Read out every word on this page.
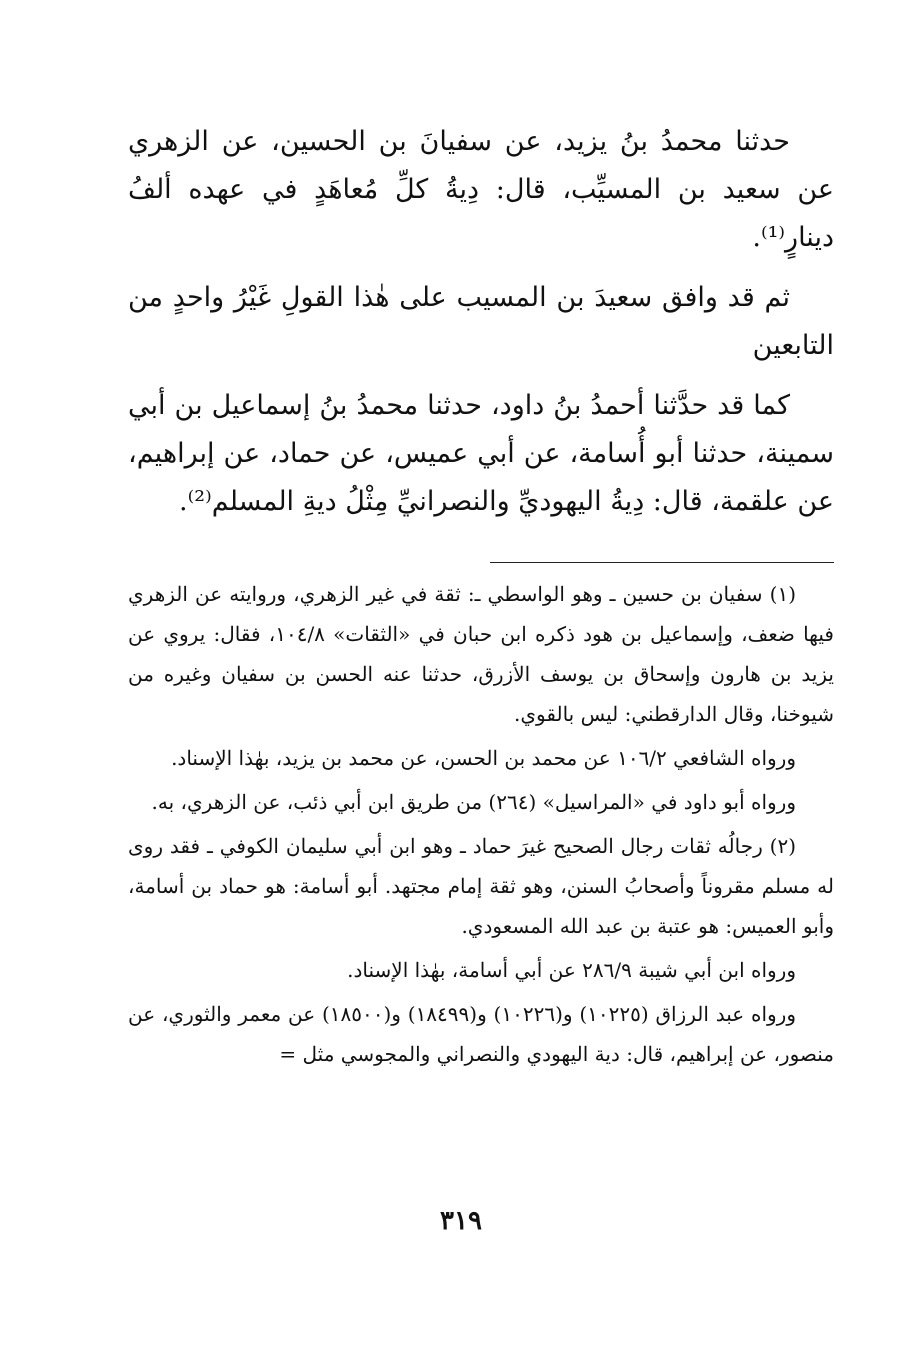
حدثنا محمدُ بنُ يزيد، عن سفيانَ بن الحسين، عن الزهري عن سعيد بن المسيِّب، قال: دِيةُ كلِّ مُعاهَدٍ في عهده ألفُ دينارٍ⁽¹⁾.

ثم قد وافق سعيدَ بن المسيب على هٰذا القولِ غَيْرُ واحدٍ من التابعين

كما قد حدَّثنا أحمدُ بنُ داود، حدثنا محمدُ بنُ إسماعيل بن أبي سمينة، حدثنا أبو أُسامة، عن أبي عميس، عن حماد، عن إبراهيم، عن علقمة، قال: دِيةُ اليهوديِّ والنصرانيِّ مِثْلُ ديةِ المسلم⁽²⁾.

(١) سفيان بن حسين ـ وهو الواسطي ـ: ثقة في غير الزهري، وروايته عن الزهري فيها ضعف، وإسماعيل بن هود ذكره ابن حبان في «الثقات» ١٠٤/٨، فقال: يروي عن يزيد بن هارون وإسحاق بن يوسف الأزرق، حدثنا عنه الحسن بن سفيان وغيره من شيوخنا، وقال الدارقطني: ليس بالقوي.

ورواه الشافعي ١٠٦/٢ عن محمد بن الحسن، عن محمد بن يزيد، بهٰذا الإسناد.

ورواه أبو داود في «المراسيل» (٢٦٤) من طريق ابن أبي ذئب، عن الزهري، به.

(٢) رجالُه ثقات رجال الصحيح غيرَ حماد ـ وهو ابن أبي سليمان الكوفي ـ فقد روى له مسلم مقروناً وأصحابُ السنن، وهو ثقة إمام مجتهد. أبو أسامة: هو حماد بن أسامة، وأبو العميس: هو عتبة بن عبد الله المسعودي.

ورواه ابن أبي شيبة ٢٨٦/٩ عن أبي أسامة، بهٰذا الإسناد.

ورواه عبد الرزاق (١٠٢٢٥) و(١٠٢٢٦) و(١٨٤٩٩) و(١٨٥٠٠) عن معمر والثوري، عن منصور، عن إبراهيم، قال: دية اليهودي والنصراني والمجوسي مثل =

٣١٩
